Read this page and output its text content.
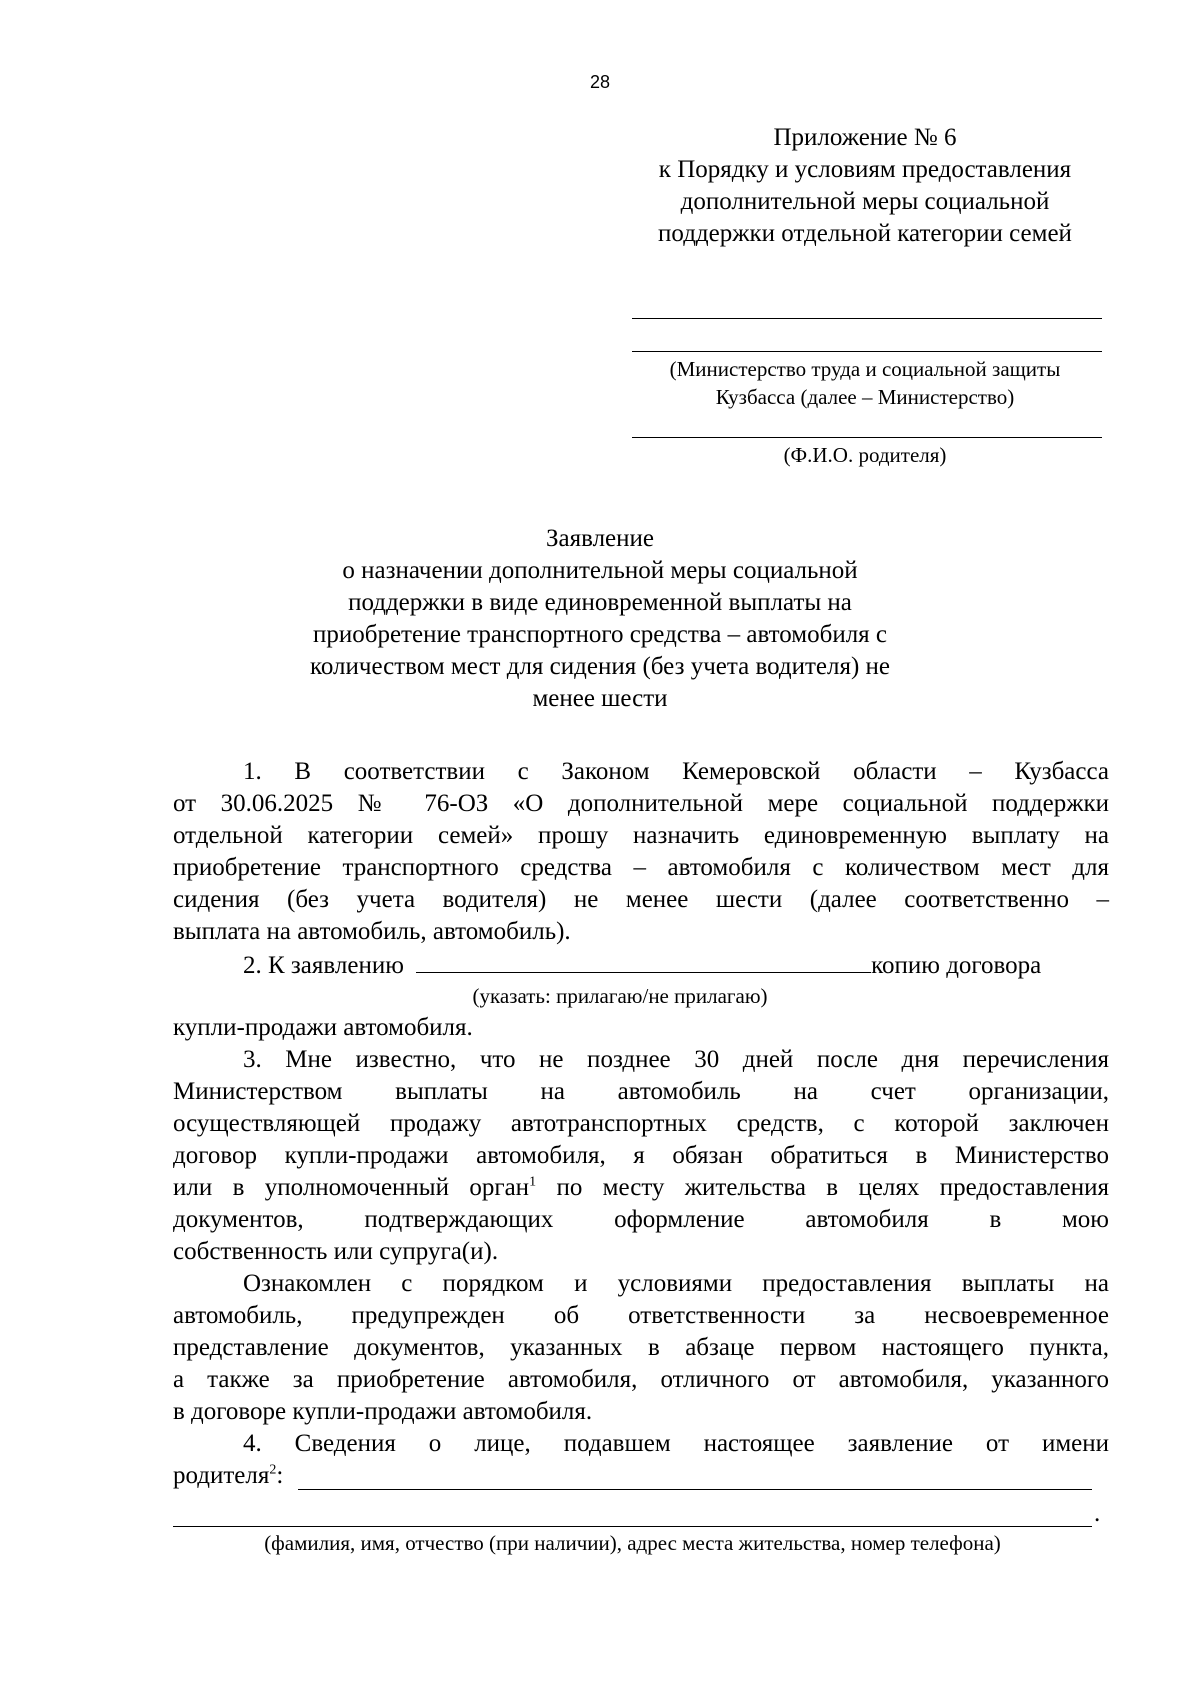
28
Приложение № 6
к Порядку и условиям предоставления
дополнительной меры социальной
поддержки отдельной категории семей
(Министерство труда и социальной защиты
Кузбасса (далее – Министерство)
(Ф.И.О. родителя)
Заявление
о назначении дополнительной меры социальной
поддержки в виде единовременной выплаты на
приобретение транспортного средства – автомобиля с
количеством мест для сидения (без учета водителя) не
менее шести
1. В соответствии с Законом Кемеровской области – Кузбасса
от 30.06.2025 № 76-ОЗ «О дополнительной мере социальной поддержки
отдельной категории семей» прошу назначить единовременную выплату на
приобретение транспортного средства – автомобиля с количеством мест для
сидения (без учета водителя) не менее шести (далее соответственно –
выплата на автомобиль, автомобиль).
2. К заявлению	копию договора
(указать: прилагаю/не прилагаю)
купли-продажи автомобиля.
3. Мне известно, что не позднее 30 дней после дня перечисления
Министерством выплаты на автомобиль на счет организации,
осуществляющей продажу автотранспортных средств, с которой заключен
договор купли-продажи автомобиля, я обязан обратиться в Министерство
или в уполномоченный орган$^1$ по месту жительства в целях предоставления
документов, подтверждающих оформление автомобиля в мою
собственность или супруга(и).
Ознакомлен с порядком и условиями предоставления выплаты на
автомобиль, предупрежден об ответственности за несвоевременное
представление документов, указанных в абзаце первом настоящего пункта,
а также за приобретение автомобиля, отличного от автомобиля, указанного
в договоре купли-продажи автомобиля.
4. Сведения о лице, подавшем настоящее заявление от имени
родителя$^2$:
.
(фамилия, имя, отчество (при наличии), адрес места жительства, номер телефона)
